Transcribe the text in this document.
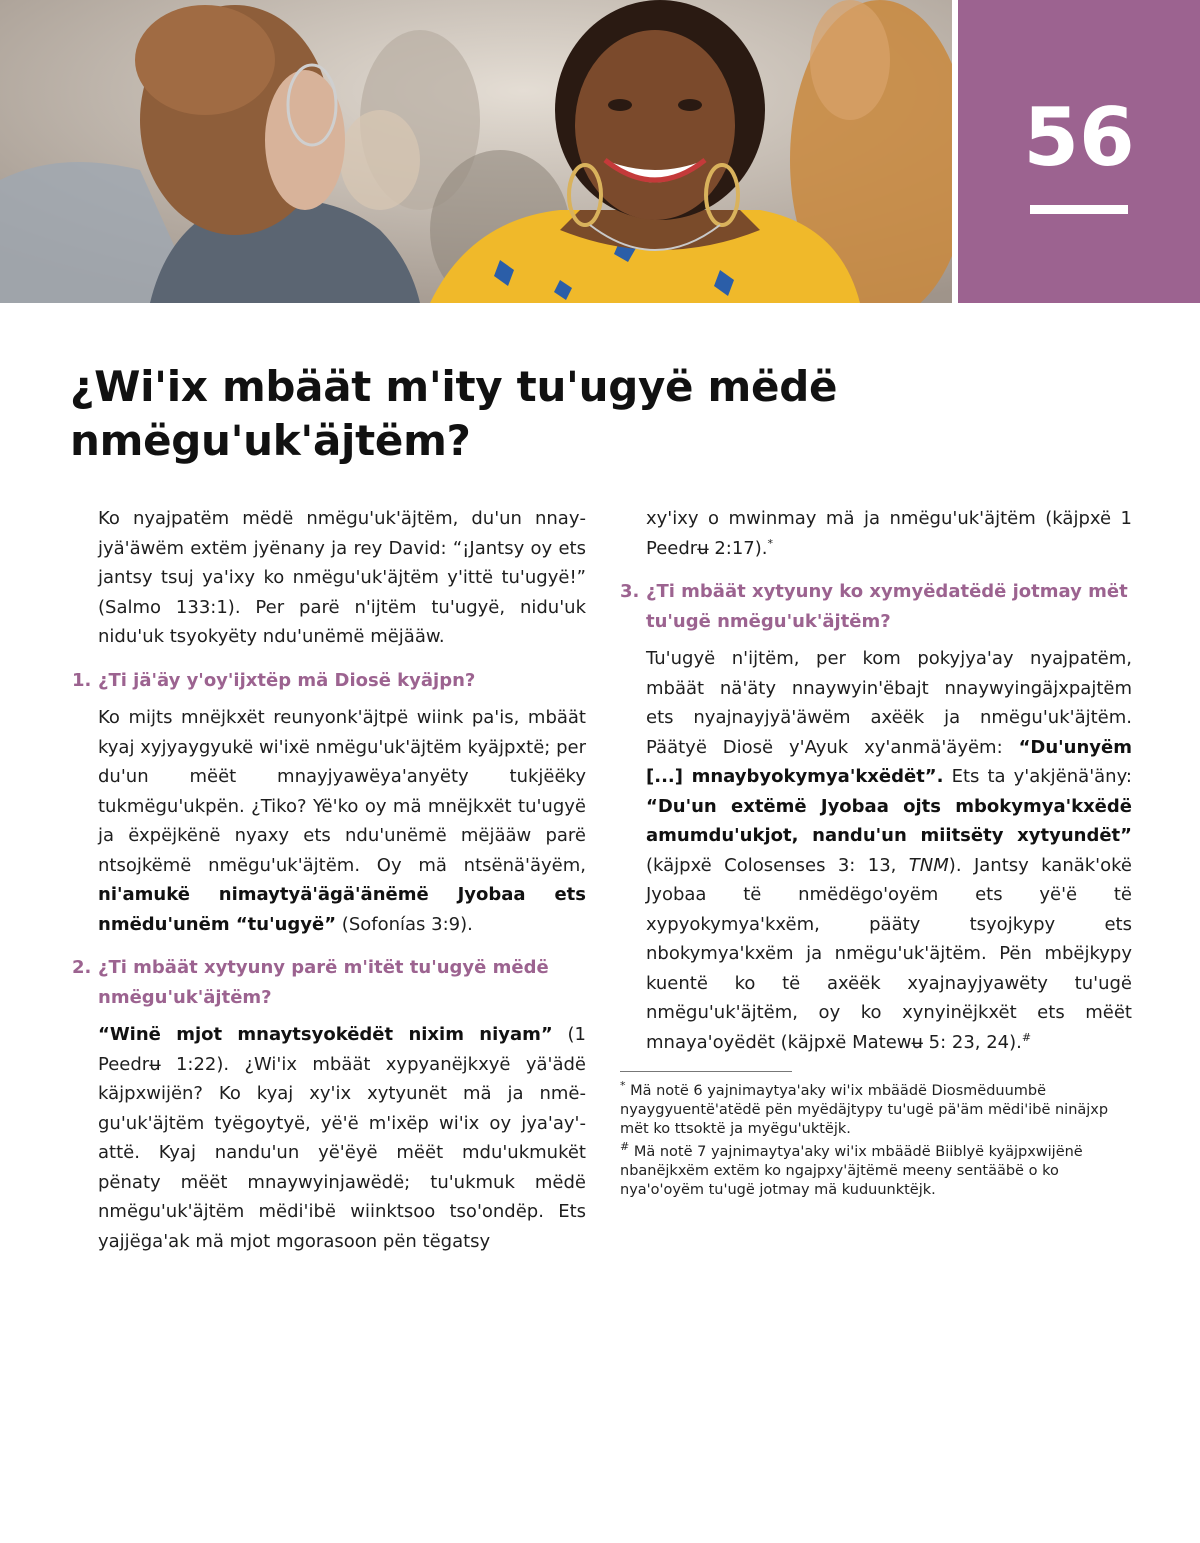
56
¿Wi'ix mbäät m'ity tu'ugyë mëdë nmëgu'uk'äjtëm?

Ko nyajpatëm mëdë nmëgu'uk'äjtëm, du'un nnayjyä'äwëm extëm jyënany ja rey David: “¡Jantsy oy ets jantsy tsuj ya'ixy ko nmëgu'uk'äjtëm y'ittë tu'ugyë!” (Salmo 133:1). Per parë n'ijtëm tu'ugyë, nidu'uk nidu'uk tsyokyëty ndu'unëmë mëjääw.

1. ¿Ti jä'äy y'oy'ijxtëp mä Diosë kyäjpn?

Ko mijts mnëjkxët reunyonk'äjtpë wiink pa'is, mbäät kyaj xyjyaygyukë wi'ixë nmëgu'uk'äjtëm kyäjpxtë; per du'un mëët mnayjyawëya'anyëty tukjëëky tukmëgu'ukpën. ¿Tiko? Yë'ko oy mä mnëjkxët tu'ugyë ja ëxpëjkënë nyaxy ets ndu'unëmë mëjääw parë ntsojkëmë nmëgu'uk'äjtëm. Oy mä ntsënä'äyëm, ni'amukë nimaytyä'ägä'änëmë Jyobaa ets nmëdu'unëm “tu'ugyë” (Sofonías 3:9).

2. ¿Ti mbäät xytyuny parë m'itët tu'ugyë mëdë nmëgu'uk'äjtëm?

“Winë mjot mnaytsyokëdët nixim niyam” (1 Peedrʉ 1:22). ¿Wi'ix mbäät xypyanëjkxyë yä'ädë käjpxwijën? Ko kyaj xy'ix xytyunët mä ja nmëgu'uk'äjtëm tyëgoytyë, yë'ë m'ixëp wi'ix oy jya'ay'attë. Kyaj nandu'un yë'ëyë mëët mdu'ukmukët pënaty mëët mnaywyinjawëdë; tu'ukmuk mëdë nmëgu'uk'äjtëm mëdi'ibë wiinktsoo tso'ondëp. Ets yajjëga'ak mä mjot mgorasoon pën tëgatsy

xy'ixy o mwinmay mä ja nmëgu'uk'äjtëm (käjpxë 1 Peedrʉ 2:17).*

3. ¿Ti mbäät xytyuny ko xymyëdatëdë jotmay mët tu'ugë nmëgu'uk'äjtëm?

Tu'ugyë n'ijtëm, per kom pokyjya'ay nyajpatëm, mbäät nä'äty nnaywyin'ëbajt nnaywyingäjxpajtëm ets nyajnayjyä'äwëm axëëk ja nmëgu'uk'äjtëm. Päätyë Diosë y'Ayuk xy'anmä'äyëm: “Du'unyëm [...] mnaybyokymya'kxëdët”. Ets ta y'akjënä'äny: “Du'un extëmë Jyobaa ojts mbokymya'kxëdë amumdu'ukjot, nandu'un miitsëty xytyundët” (käjpxë Colosenses 3: 13, TNM). Jantsy kanäk'okë Jyobaa të nmëdëgo'oyëm ets yë'ë të xypyokymya'kxëm, pääty tsyojkypy ets nbokymya'kxëm ja nmëgu'uk'äjtëm. Pën mbëjkypy kuentë ko të axëëk xyajnayjyawëty tu'ugë nmëgu'uk'äjtëm, oy ko xynyinëjkxët ets mëët mnaya'oyëdët (käjpxë Matewʉ 5: 23, 24).#

* Mä notë 6 yajnimaytya'aky wi'ix mbäädë Diosmëduumbë nyaygyuentë'atëdë pën myëdäjtypy tu'ugë pä'äm mëdi'ibë ninäjxp mët ko ttsoktë ja myëgu'uktëjk.

# Mä notë 7 yajnimaytya'aky wi'ix mbäädë Biiblyë kyäjpxwijënë nbanëjkxëm extëm ko ngajpxy'äjtëmë meeny sentääbë o ko nya'o'oyëm tu'ugë jotmay mä kuduunktëjk.
